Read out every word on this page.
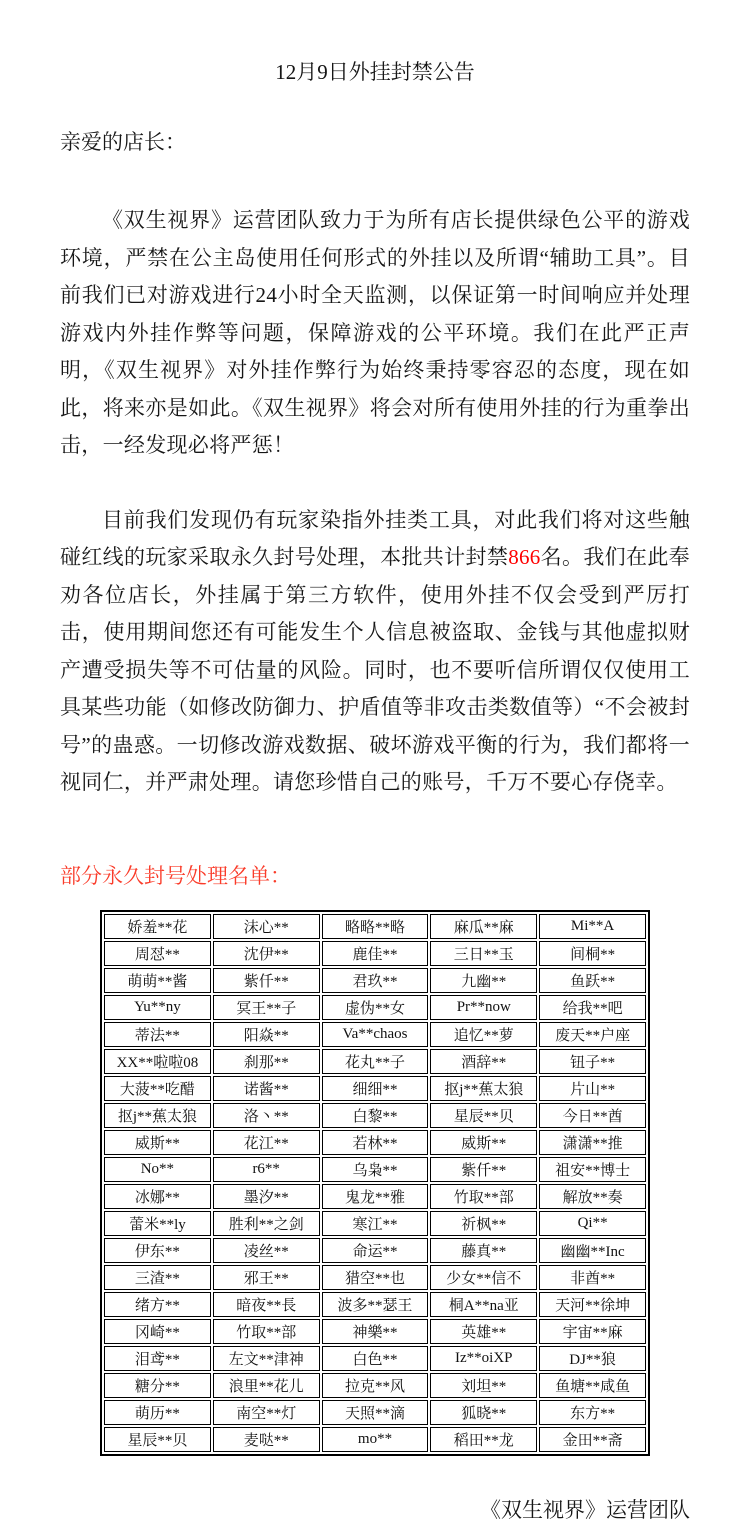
12月9日外挂封禁公告
亲爱的店长：

《双生视界》运营团队致力于为所有店长提供绿色公平的游戏环境，严禁在公主岛使用任何形式的外挂以及所谓“辅助工具”。目前我们已对游戏进行24小时全天监测，以保证第一时间响应并处理游戏内外挂作弊等问题，保障游戏的公平环境。我们在此严正声明，《双生视界》对外挂作弊行为始终秉持零容忍的态度，现在如此，将来亦是如此。《双生视界》将会对所有使用外挂的行为重拳出击，一经发现必将严惩！

目前我们发现仍有玩家染指外挂类工具，对此我们将对这些触碰红线的玩家采取永久封号处理，本批共计封禁866名。我们在此奉劝各位店长，外挂属于第三方软件，使用外挂不仅会受到严厉打击，使用期间您还有可能发生个人信息被盗取、金钱与其他虚拟财产遭受损失等不可估量的风险。同时，也不要听信所谓仅仅使用工具某些功能（如修改防御力、护盾值等非攻击类数值等）“不会被封号”的蛊惑。一切修改游戏数据、破坏游戏平衡的行为，我们都将一视同仁，并严肃处理。请您珍惜自己的账号，千万不要心存侥幸。

部分永久封号处理名单：
娇羞**花	沫心**	略略**略	麻瓜**麻	Mi**A
周怼**	沈伊**	鹿佳**	三日**玉	间桐**
萌萌**酱	紫仟**	君玖**	九幽**	鱼跃**
Yu**ny	冥王**子	虚伪**女	Pr**now	给我**吧
蒂法**	阳焱**	Va**chaos	追忆**萝	废天**户座
XX**啦啦08	刹那**	花丸**子	酒辞**	钮子**
大菠**吃醋	诺酱**	细细**	抠j**蕉太狼	片山**
抠j**蕉太狼	洛丶**	白黎**	星辰**贝	今日**酋
威斯**	花江**	若林**	威斯**	潇潇**推
No**	r6**	乌枭**	紫仟**	祖安**博士
冰娜**	墨汐**	鬼龙**雅	竹取**部	解放**奏
蕾米**ly	胜利**之剑	寒江**	祈枫**	Qi**
伊东**	凌丝**	命运**	藤真**	幽幽**Inc
三渣**	邪王**	猎空**也	少女**信不	非酋**
绪方**	暗夜**長	波多**瑟王	桐A**na亚	天河**徐坤
冈崎**	竹取**部	神樂**	英雄**	宇宙**麻
泪鸢**	左文**津神	白色**	Iz**oiXP	DJ**狼
糖分**	浪里**花儿	拉克**风	刘坦**	鱼塘**咸鱼
萌历**	南空**灯	天照**滴	狐晓**	东方**
星辰**贝	麦哒**	mo**	稻田**龙	金田**斋
《双生视界》运营团队
